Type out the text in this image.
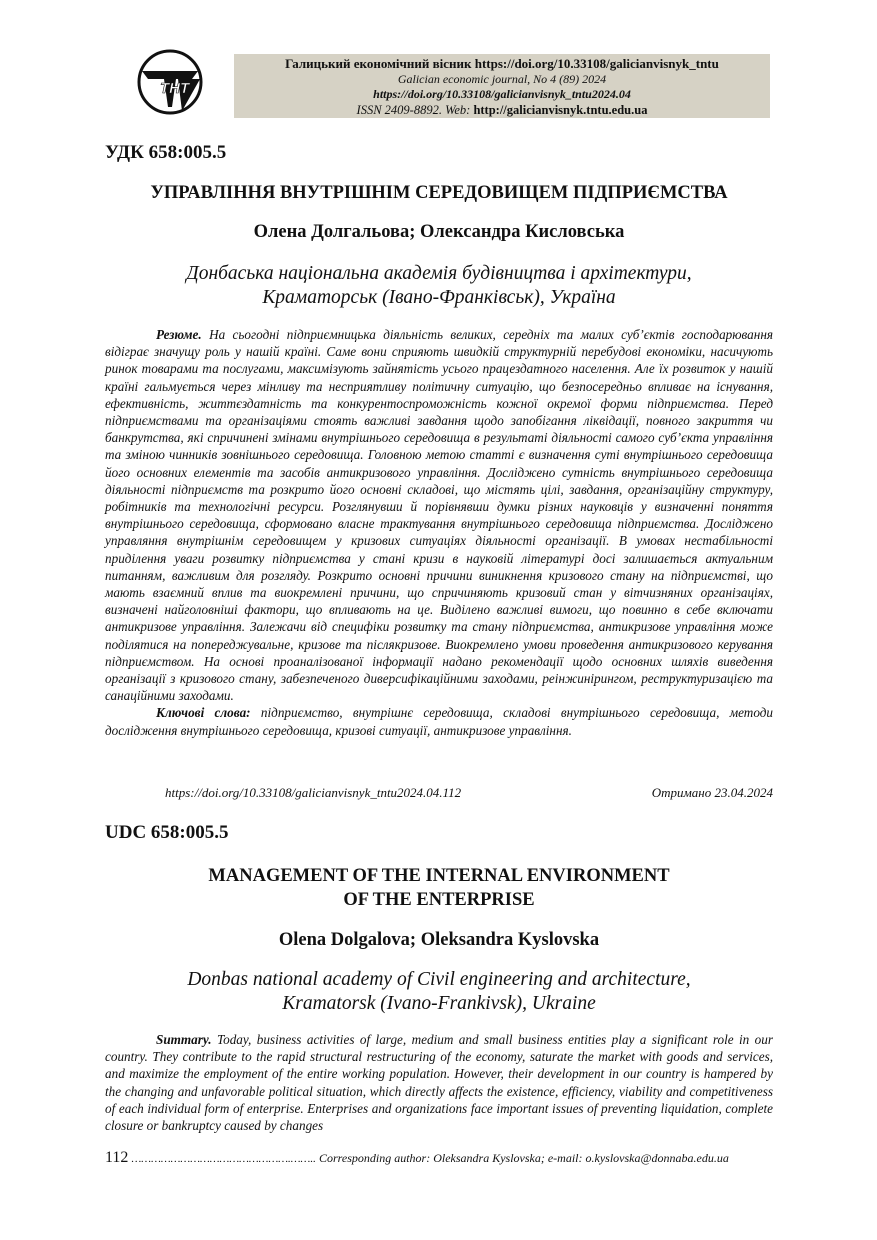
ТНТ
Галицький економічний вісник https://doi.org/10.33108/galicianvisnyk_tntu
Galician economic journal, No 4 (89) 2024
https://doi.org/10.33108/galicianvisnyk_tntu2024.04
ISSN 2409-8892. Web: http://galicianvisnyk.tntu.edu.ua
УДК 658:005.5
УПРАВЛІННЯ ВНУТРІШНІМ СЕРЕДОВИЩЕМ ПІДПРИЄМСТВА
Олена Долгальова; Олександра Кисловська
Донбаська національна академія будівництва і архітектури,
Краматорськ (Івано-Франківськ), Україна
Резюме. На сьогодні підприємницька діяльність великих, середніх та малих суб’єктів господарювання відіграє значущу роль у нашій країні. Саме вони сприяють швидкій структурній перебудові економіки, насичують ринок товарами та послугами, максимізують зайнятість усього працездатного населення. Але їх розвиток у нашій країні гальмується через мінливу та несприятливу політичну ситуацію, що безпосередньо впливає на існування, ефективність, життєздатність та конкурентоспроможність кожної окремої форми підприємства. Перед підприємствами та організаціями стоять важливі завдання щодо запобігання ліквідації, повного закриття чи банкрутства, які спричинені змінами внутрішнього середовища в результаті діяльності самого суб’єкта управління та зміною чинників зовнішнього середовища. Головною метою статті є визначення суті внутрішнього середовища його основних елементів та засобів антикризового управління. Досліджено сутність внутрішнього середовища діяльності підприємств та розкрито його основні складові, що містять цілі, завдання, організаційну структуру, робітників та технологічні ресурси. Розглянувши й порівнявши думки різних науковців у визначенні поняття внутрішнього середовища, сформовано власне трактування внутрішнього середовища підприємства. Досліджено управляння внутрішнім середовищем у кризових ситуаціях діяльності організації. В умовах нестабільності приділення уваги розвитку підприємства у стані кризи в науковій літературі досі залишається актуальним питанням, важливим для розгляду. Розкрито основні причини виникнення кризового стану на підприємстві, що мають взаємний вплив та виокремлені причини, що спричиняють кризовий стан у вітчизняних організаціях, визначені найголовніші фактори, що впливають на це. Виділено важливі вимоги, що повинно в себе включати антикризове управління. Залежачи від специфіки розвитку та стану підприємства, антикризове управління може поділятися на попереджувальне, кризове та післякризове. Виокремлено умови проведення антикризового керування підприємством. На основі проаналізованої інформації надано рекомендації щодо основних шляхів виведення організації з кризового стану, забезпеченого диверсифікаційними заходами, реінжинірингом, реструктуризацією та санаційними заходами.
Ключові слова: підприємство, внутрішнє середовища, складові внутрішнього середовища, методи дослідження внутрішнього середовища, кризові ситуації, антикризове управління.
https://doi.org/10.33108/galicianvisnyk_tntu2024.04.112	Отримано 23.04.2024
UDC 658:005.5
MANAGEMENT OF THE INTERNAL ENVIRONMENT
OF THE ENTERPRISE
Olena Dolgalova; Oleksandra Kyslovska
Donbas national academy of Civil engineering and architecture,
Kramatorsk (Ivano-Frankivsk), Ukraine
Summary. Today, business activities of large, medium and small business entities play a significant role in our country. They contribute to the rapid structural restructuring of the economy, saturate the market with goods and services, and maximize the employment of the entire working population. However, their development in our country is hampered by the changing and unfavorable political situation, which directly affects the existence, efficiency, viability and competitiveness of each individual form of enterprise. Enterprises and organizations face important issues of preventing liquidation, complete closure or bankruptcy caused by changes
112 ………………………………………….…….. Corresponding author: Oleksandra Kyslovska; e-mail: o.kyslovska@donnaba.edu.ua
